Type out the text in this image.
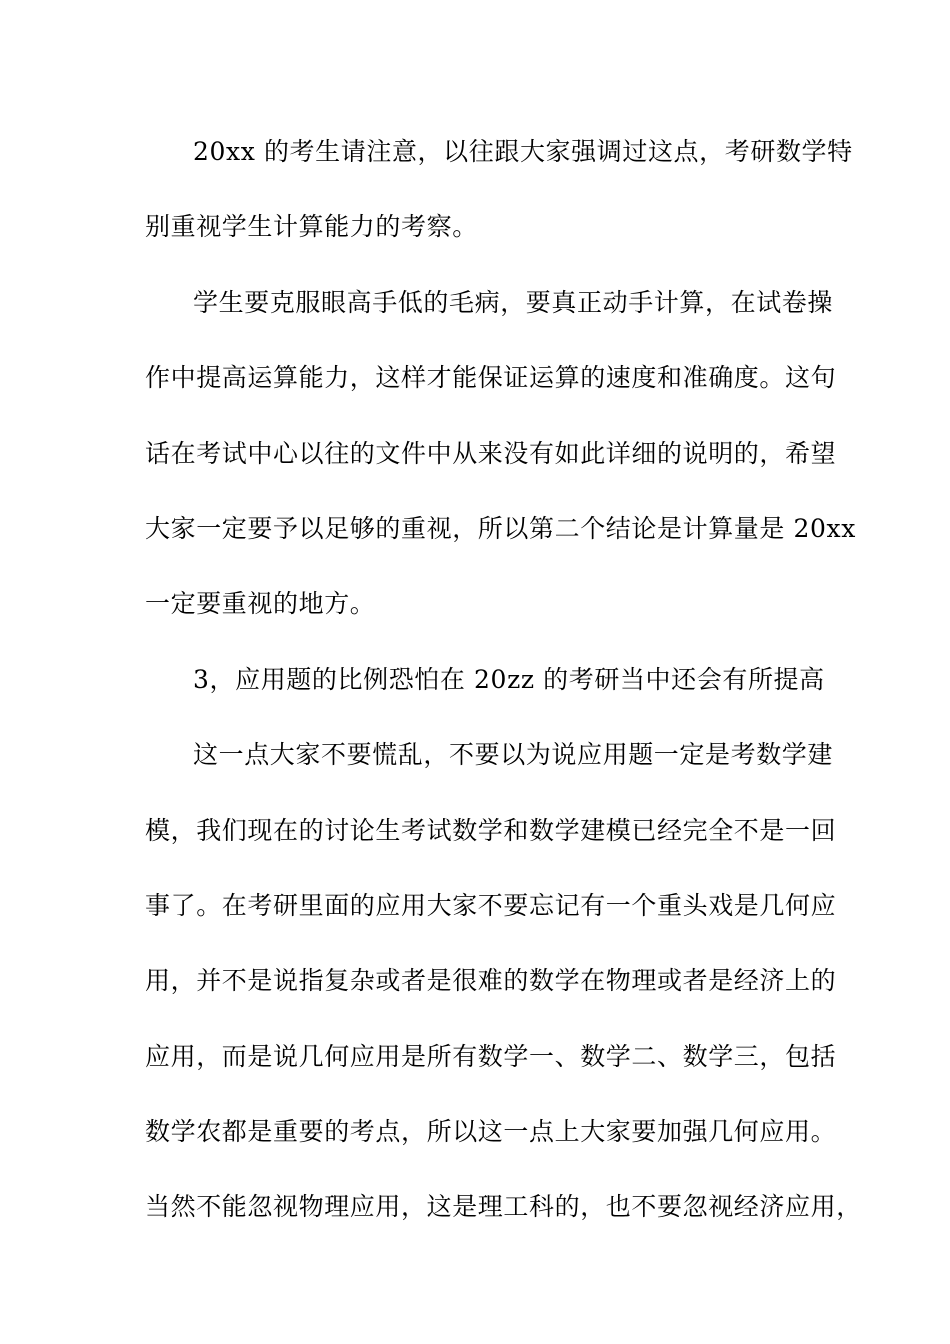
20xx 的考生请注意，以往跟大家强调过这点，考研数学特
别重视学生计算能力的考察。
学生要克服眼高手低的毛病，要真正动手计算，在试卷操
作中提高运算能力，这样才能保证运算的速度和准确度。这句
话在考试中心以往的文件中从来没有如此详细的说明的，希望
大家一定要予以足够的重视，所以第二个结论是计算量是 20xx
一定要重视的地方。
3，应用题的比例恐怕在 20zz 的考研当中还会有所提高
这一点大家不要慌乱，不要以为说应用题一定是考数学建
模，我们现在的讨论生考试数学和数学建模已经完全不是一回
事了。在考研里面的应用大家不要忘记有一个重头戏是几何应
用，并不是说指复杂或者是很难的数学在物理或者是经济上的
应用，而是说几何应用是所有数学一、数学二、数学三，包括
数学农都是重要的考点，所以这一点上大家要加强几何应用。
当然不能忽视物理应用，这是理工科的，也不要忽视经济应用，
